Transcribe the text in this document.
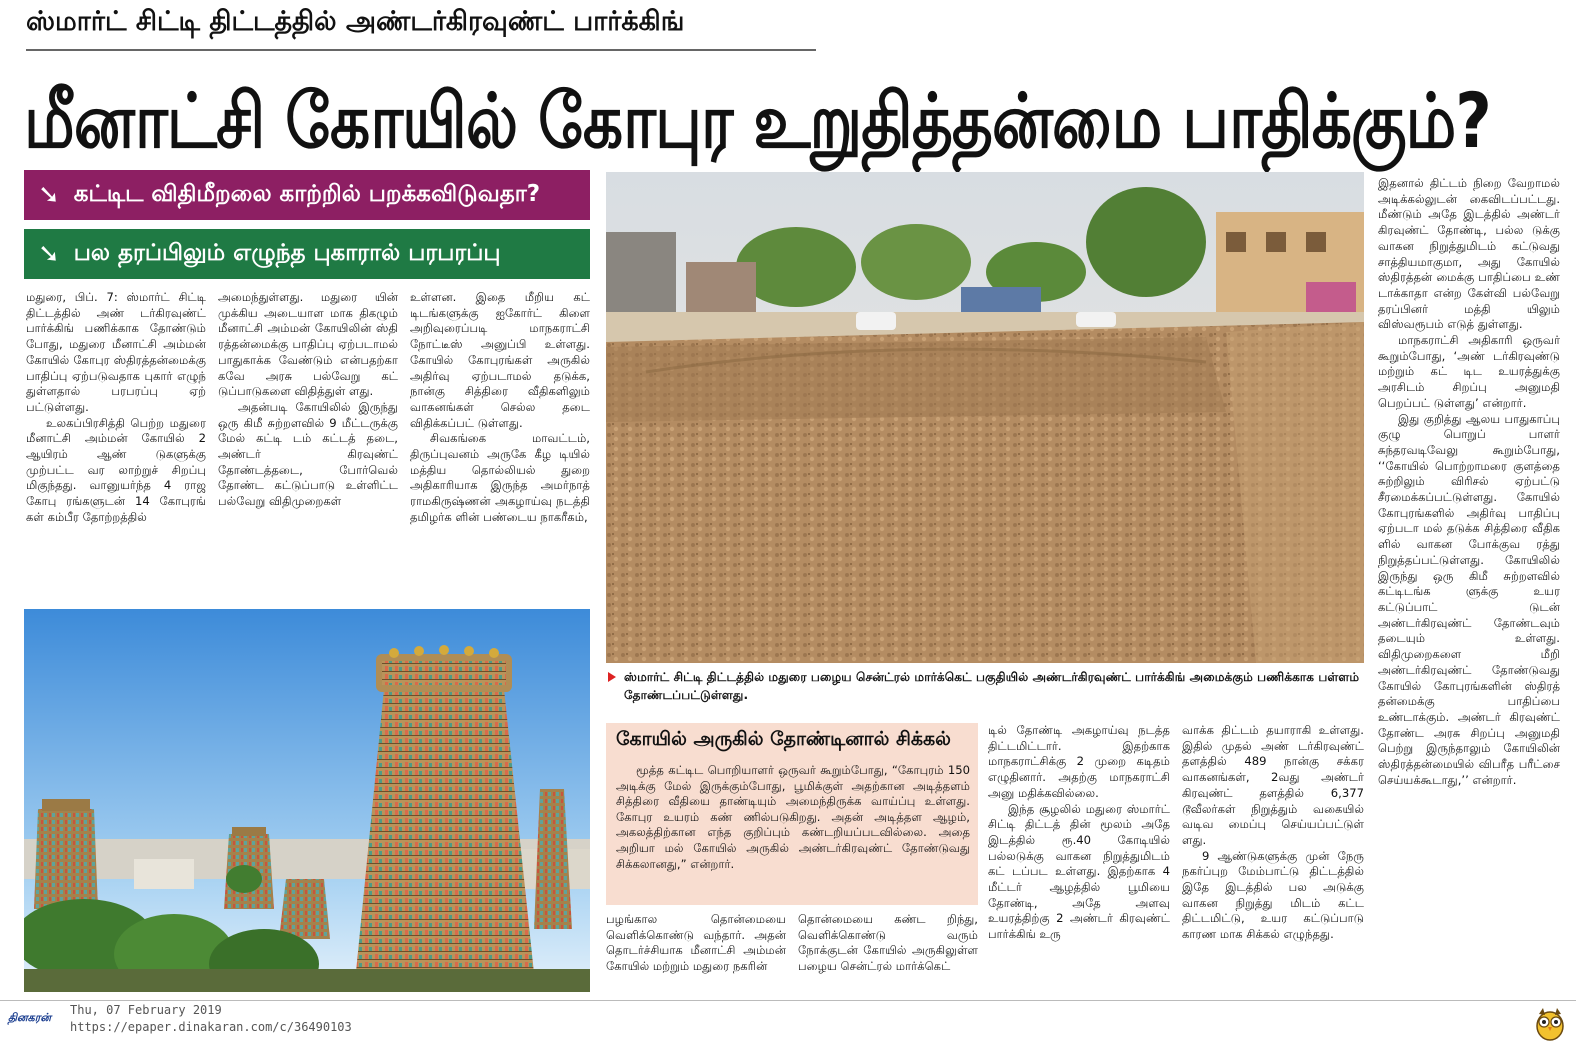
ஸ்மார்ட் சிட்டி திட்டத்தில் அண்டர்கிரவுண்ட் பார்க்கிங்
மீனாட்சி கோயில் கோபுர உறுதித்தன்மை பாதிக்கும்?
➘ கட்டிட விதிமீறலை காற்றில் பறக்கவிடுவதா?
➘ பல தரப்பிலும் எழுந்த புகாரால் பரபரப்பு

மதுரை, பிப். 7: ஸ்மார்ட் சிட்டி திட்டத்தில் அண் டர்கிரவுண்ட் பார்க்கிங் பணிக்காக தோண்டும் போது, மதுரை மீனாட்சி அம்மன் கோயில் கோபுர ஸ்திரத்தன்மைக்கு பாதிப்பு ஏற்படுவதாக புகார் எழுந் துள்ளதால் பரபரப்பு ஏற் பட்டுள்ளது.

உலகப்பிரசித்தி பெற்ற மதுரை மீனாட்சி அம்மன் கோயில் 2 ஆயிரம் ஆண் டுகளுக்கு முற்பட்ட வர லாற்றுச் சிறப்பு மிகுந்தது. வானுயர்ந்த 4 ராஜ கோபு ரங்களுடன் 14 கோபுரங் கள் கம்பீர தோற்றத்தில்

அமைந்துள்ளது. மதுரை யின் முக்கிய அடையாள மாக திகழும் மீனாட்சி அம்மன் கோயிலின் ஸ்தி ரத்தன்மைக்கு பாதிப்பு ஏற்படாமல் பாதுகாக்க வேண்டும் என்பதற்கா கவே அரசு பல்வேறு கட் டுப்பாடுகளை விதித்துள் ளது.

அதன்படி கோயிலில் இருந்து ஒரு கிமீ சுற்றளவில் 9 மீட்டருக்கு மேல் கட்டி டம் கட்டத் தடை, அண்டர் கிரவுண்ட் தோண்டத்தடை, போர்வெல் தோண்ட கட்டுப்பாடு உள்ளிட்ட பல்வேறு விதிமுறைகள்

உள்ளன. இதை மீறிய கட் டிடங்களுக்கு ஐகோர்ட் கிளை அறிவுரைப்படி மாநகராட்சி நோட்டீஸ் அனுப்பி உள்ளது. கோயில் கோபுரங்கள் அருகில் அதிர்வு ஏற்படாமல் தடுக்க, நான்கு சித்திரை வீதிகளிலும் வாகனங்கள் செல்ல தடை விதிக்கப்பட் டுள்ளது.

சிவகங்கை மாவட்டம், திருப்புவனம் அருகே கீழ டியில் மத்திய தொல்லியல் துறை அதிகாரியாக இருந்த அமர்நாத் ராமகிருஷ்ணன் அகழாய்வு நடத்தி தமிழர்க ளின் பண்டைய நாகரீகம்,

ஸ்மார்ட் சிட்டி திட்டத்தில் மதுரை பழைய சென்ட்ரல் மார்க்கெட் பகுதியில் அண்டர்கிரவுண்ட் பார்க்கிங் அமைக்கும் பணிக்காக பள்ளம் தோண்டப்பட்டுள்ளது.

இதனால் திட்டம் நிறை வேறாமல் அடிக்கல்லுடன் கைவிடப்பட்டது. மீண்டும் அதே இடத்தில் அண்டர் கிரவுண்ட் தோண்டி, பல்ல டுக்கு வாகன நிறுத்துமிடம் கட்டுவது சாத்தியமாகுமா, அது கோயில் ஸ்திரத்தன் மைக்கு பாதிப்பை உண் டாக்காதா என்ற கேள்வி பல்வேறு தரப்பினர் மத்தி யிலும் விஸ்வரூபம் எடுத் துள்ளது.

மாநகராட்சி அதிகாரி ஒருவர் கூறும்போது, ‘அண் டர்கிரவுண்டு மற்றும் கட் டிட உயரத்துக்கு அரசிடம் சிறப்பு அனுமதி பெறப்பட் டுள்ளது’ என்றார்.

இது குறித்து ஆலய பாதுகாப்பு குழு பொறுப் பாளர் சுந்தரவடிவேலு கூறும்போது, ‘‘கோயில் பொற்றாமரை குளத்தை சுற்றிலும் விரிசல் ஏற்பட்டு சீரமைக்கப்பட்டுள்ளது. கோயில் கோபுரங்களில் அதிர்வு பாதிப்பு ஏற்படா மல் தடுக்க சித்திரை வீதிக ளில் வாகன போக்குவ ரத்து நிறுத்தப்பட்டுள்ளது. கோயிலில் இருந்து ஒரு கிமீ சுற்றளவில் கட்டிடங்க ளுக்கு உயர கட்டுப்பாட் டுடன் அண்டர்கிரவுண்ட் தோண்டவும் தடையும் உள்ளது. விதிமுறைகளை மீறி அண்டர்கிரவுண்ட் தோண்டுவது கோயில் கோபுரங்களின் ஸ்திரத் தன்மைக்கு பாதிப்பை உண்டாக்கும். அண்டர் கிரவுண்ட் தோண்ட அரசு சிறப்பு அனுமதி பெற்று இருந்தாலும் கோயிலின் ஸ்திரத்தன்மையில் விபரீத பரீட்சை செய்யக்கூடாது,’’ என்றார்.

கோயில் அருகில் தோண்டினால் சிக்கல்
மூத்த கட்டிட பொறியாளர் ஒருவர் கூறும்போது, “கோபுரம் 150 அடிக்கு மேல் இருக்கும்போது, பூமிக்குள் அதற்கான அடித்தளம் சித்திரை வீதியை தாண்டியும் அமைந்திருக்க வாய்ப்பு உள்ளது. கோபுர உயரம் கண் ணில்படுகிறது. அதன் அடித்தள ஆழம், அகலத்திற்கான எந்த குறிப்பும் கண்டறியப்படவில்லை. அதை அறியா மல் கோயில் அருகில் அண்டர்கிரவுண்ட் தோண்டுவது சிக்கலானது,” என்றார்.

டில் தோண்டி அகழாய்வு நடத்த திட்டமிட்டார். இதற்காக மாநகராட்சிக்கு 2 முறை கடிதம் எழுதினார். அதற்கு மாநகராட்சி அனு மதிக்கவில்லை.

இந்த சூழலில் மதுரை ஸ்மார்ட் சிட்டி திட்டத் தின் மூலம் அதே இடத்தில் ரூ.40 கோடியில் பல்லடுக்கு வாகன நிறுத்துமிடம் கட் டப்பட உள்ளது. இதற்காக 4 மீட்டர் ஆழத்தில் பூமியை தோண்டி, அதே அளவு உயரத்திற்கு 2 அண்டர் கிரவுண்ட் பார்க்கிங் உரு

வாக்க திட்டம் தயாராகி உள்ளது. இதில் முதல் அண் டர்கிரவுண்ட் தளத்தில் 489 நான்கு சக்கர வாகனங்கள், 2வது அண்டர் கிரவுண்ட் தளத்தில் 6,377 டூவீலர்கள் நிறுத்தும் வகையில் வடிவ மைப்பு செய்யப்பட்டுள் ளது.

9 ஆண்டுகளுக்கு முன் நேரு நகர்ப்புற மேம்பாட்டு திட்டத்தில் இதே இடத்தில் பல அடுக்கு வாகன நிறுத்து மிடம் கட்ட திட்டமிட்டு, உயர கட்டுப்பாடு காரண மாக சிக்கல் எழுந்தது.

பழங்கால தொன்மையை வெளிக்கொண்டு வந்தார். அதன் தொடர்ச்சியாக மீனாட்சி அம்மன் கோயில் மற்றும் மதுரை நகரின்

தொன்மையை கண்ட றிந்து, வெளிக்கொண்டு வரும் நோக்குடன் கோயில் அருகிலுள்ள பழைய சென்ட்ரல் மார்க்கெட்

தினகரன்
Thu, 07 February 2019
https://epaper.dinakaran.com/c/36490103
